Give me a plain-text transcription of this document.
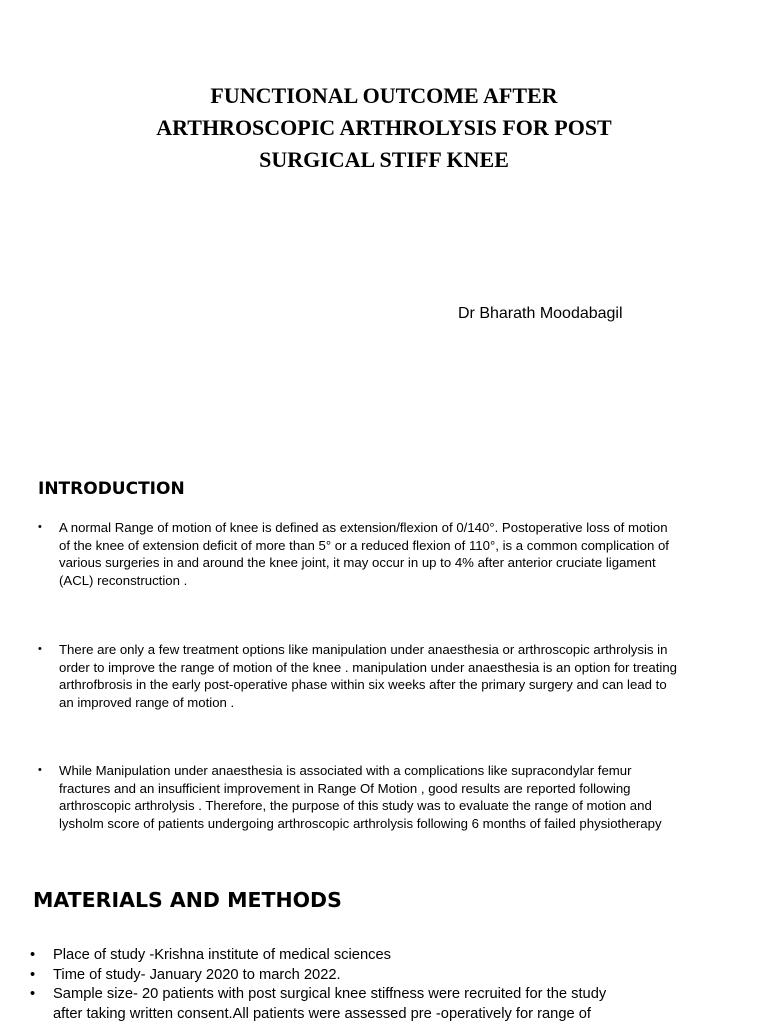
FUNCTIONAL OUTCOME AFTER
ARTHROSCOPIC ARTHROLYSIS FOR POST
SURGICAL STIFF KNEE
Dr Bharath Moodabagil
INTRODUCTION
• A normal Range of motion of knee is defined as extension/flexion of 0/140°. Postoperative loss of motion
of the knee of extension deficit of more than 5° or a reduced flexion of 110°, is a common complication of
various surgeries in and around the knee joint, it may occur in up to 4% after anterior cruciate ligament
(ACL) reconstruction .
• There are only a few treatment options like manipulation under anaesthesia or arthroscopic arthrolysis in
order to improve the range of motion of the knee . manipulation under anaesthesia is an option for treating
arthrofbrosis in the early post-operative phase within six weeks after the primary surgery and can lead to
an improved range of motion .
• While Manipulation under anaesthesia is associated with a complications like supracondylar femur
fractures and an insufficient improvement in Range Of Motion , good results are reported following
arthroscopic arthrolysis . Therefore, the purpose of this study was to evaluate the range of motion and
lysholm score of patients undergoing arthroscopic arthrolysis following 6 months of failed physiotherapy
MATERIALS AND METHODS
• Place of study -Krishna institute of medical sciences
• Time of study- January 2020 to march 2022.
• Sample size- 20 patients with post surgical knee stiffness were recruited for the study
after taking written consent.All patients were assessed pre -operatively for range of
